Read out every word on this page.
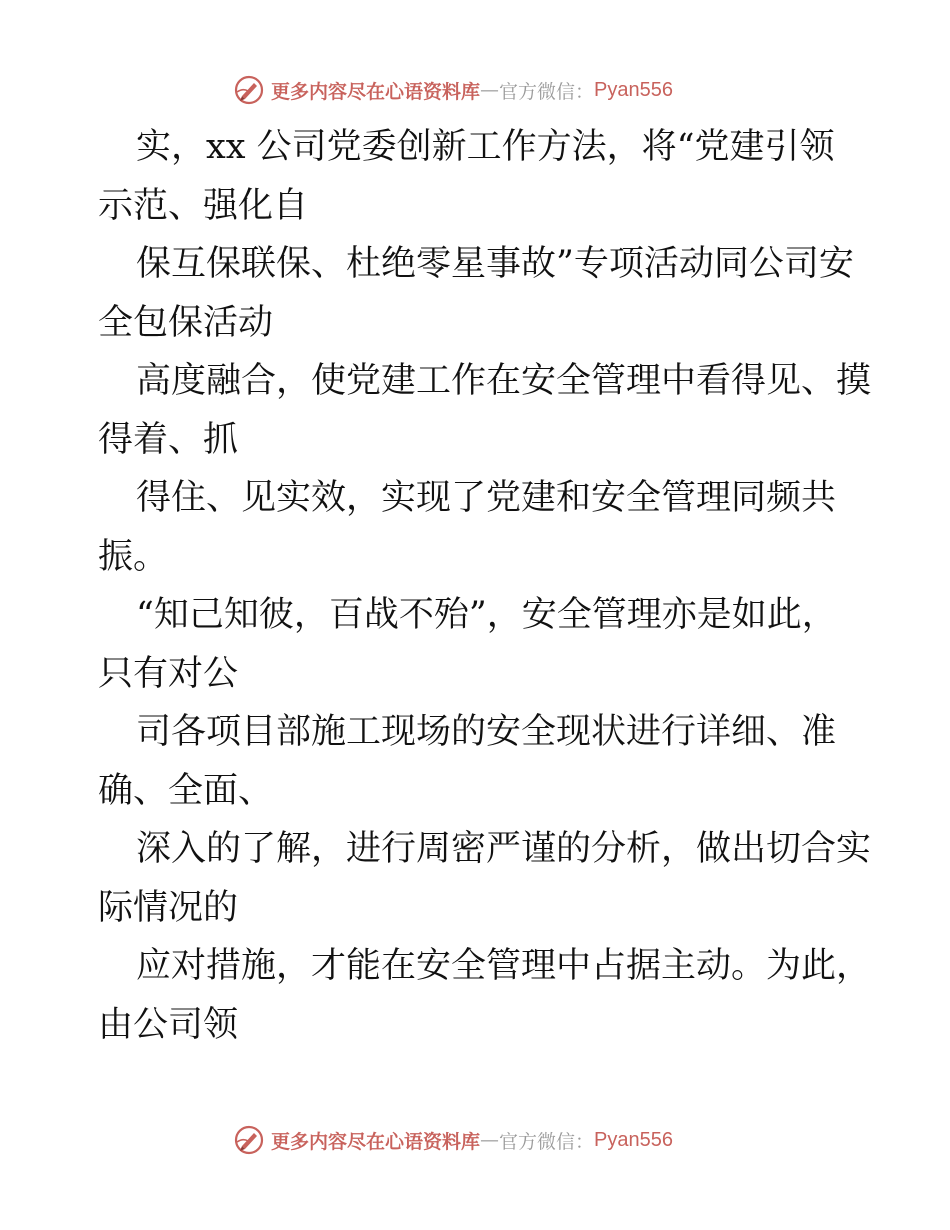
更多内容尽在心语资料库 — 官方微信： Pyan556
实，xx 公司党委创新工作方法，将“党建引领
示范、强化自
保互保联保、杜绝零星事故”专项活动同公司安
全包保活动
高度融合，使党建工作在安全管理中看得见、摸
得着、抓
得住、见实效，实现了党建和安全管理同频共
振。
“知己知彼，百战不殆”，安全管理亦是如此，
只有对公
司各项目部施工现场的安全现状进行详细、准
确、全面、
深入的了解，进行周密严谨的分析，做出切合实
际情况的
应对措施，才能在安全管理中占据主动。为此，
由公司领
更多内容尽在心语资料库 — 官方微信： Pyan556
